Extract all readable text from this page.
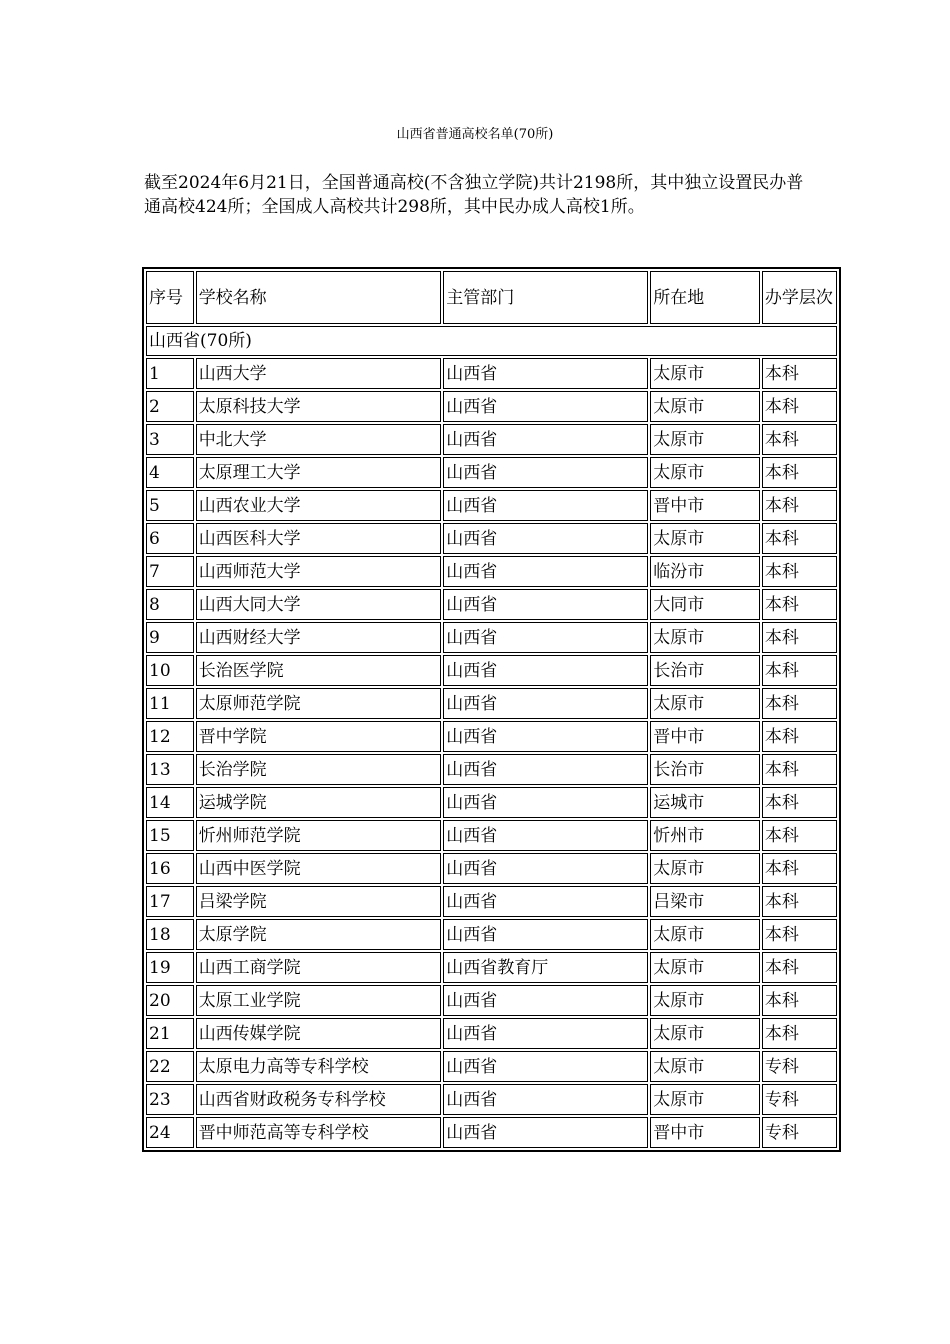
山西省普通高校名单(70所)

截至2024年6月21日，全国普通高校(不含独立学院)共计2198所，其中独立设置民办普通高校424所；全国成人高校共计298所，其中民办成人高校1所。

序号	学校名称	主管部门	所在地	办学层次
山西省(70所)				
1	山西大学	山西省	太原市	本科
2	太原科技大学	山西省	太原市	本科
3	中北大学	山西省	太原市	本科
4	太原理工大学	山西省	太原市	本科
5	山西农业大学	山西省	晋中市	本科
6	山西医科大学	山西省	太原市	本科
7	山西师范大学	山西省	临汾市	本科
8	山西大同大学	山西省	大同市	本科
9	山西财经大学	山西省	太原市	本科
10	长治医学院	山西省	长治市	本科
11	太原师范学院	山西省	太原市	本科
12	晋中学院	山西省	晋中市	本科
13	长治学院	山西省	长治市	本科
14	运城学院	山西省	运城市	本科
15	忻州师范学院	山西省	忻州市	本科
16	山西中医学院	山西省	太原市	本科
17	吕梁学院	山西省	吕梁市	本科
18	太原学院	山西省	太原市	本科
19	山西工商学院	山西省教育厅	太原市	本科
20	太原工业学院	山西省	太原市	本科
21	山西传媒学院	山西省	太原市	本科
22	太原电力高等专科学校	山西省	太原市	专科
23	山西省财政税务专科学校	山西省	太原市	专科
24	晋中师范高等专科学校	山西省	晋中市	专科
